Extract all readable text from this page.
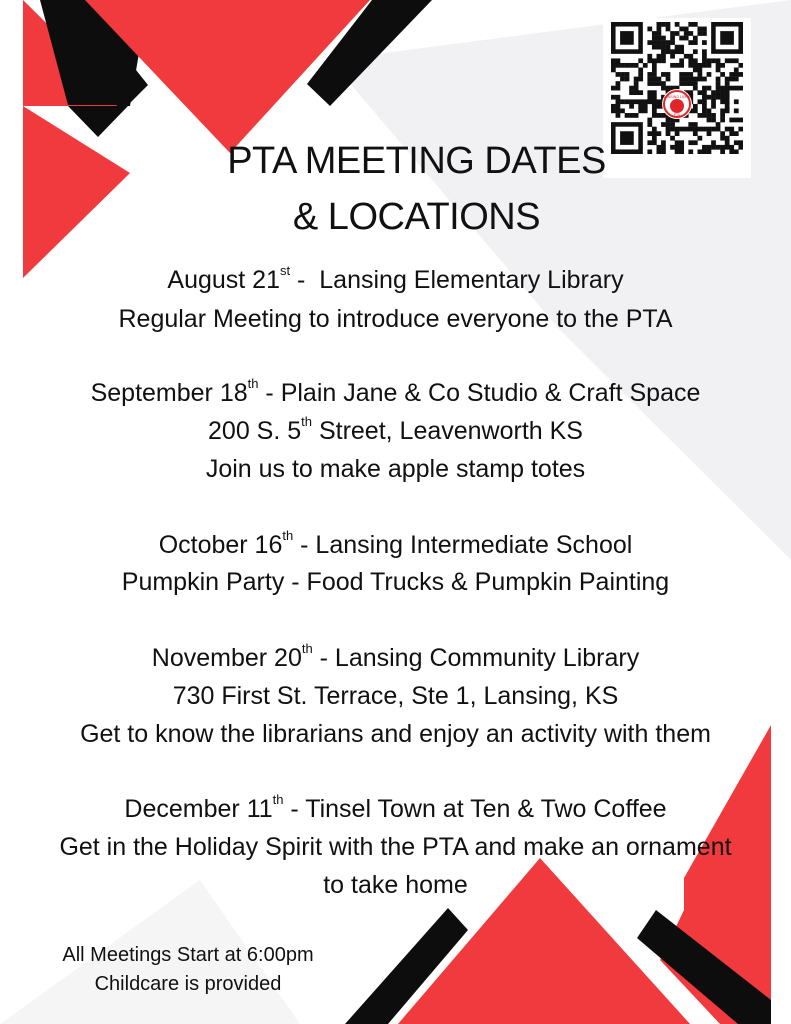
LANSING LIONS
PTA
PTA MEETING DATES
& LOCATIONS
August 21st -  Lansing Elementary Library
Regular Meeting to introduce everyone to the PTA
September 18th - Plain Jane & Co Studio & Craft Space
200 S. 5th Street, Leavenworth KS
Join us to make apple stamp totes
October 16th - Lansing Intermediate School
Pumpkin Party - Food Trucks & Pumpkin Painting
November 20th - Lansing Community Library
730 First St. Terrace, Ste 1, Lansing, KS
Get to know the librarians and enjoy an activity with them
December 11th - Tinsel Town at Ten & Two Coffee
Get in the Holiday Spirit with the PTA and make an ornament
to take home
All Meetings Start at 6:00pm
Childcare is provided
